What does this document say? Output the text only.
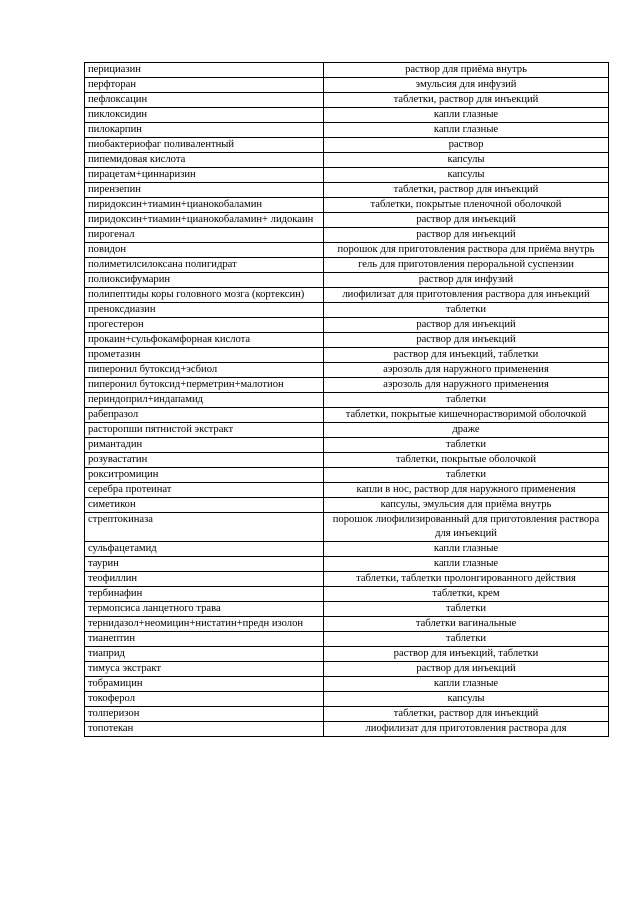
перициазин	раствор для приёма внутрь
перфторан	эмульсия для инфузий
пефлоксацин	таблетки, раствор для инъекций
пиклоксидин	капли глазные
пилокарпин	капли глазные
пиобактериофаг поливалентный	раствор
пипемидовая кислота	капсулы
пирацетам+циннаризин	капсулы
пирензепин	таблетки, раствор для инъекций
пиридоксин+тиамин+цианокобаламин	таблетки, покрытые пленочной оболочкой
пиридоксин+тиамин+цианокобаламин+ лидокаин	раствор для инъекций
пирогенал	раствор для инъекций
повидон	порошок для приготовления раствора для приёма внутрь
полиметилсилоксана полигидрат	гель для приготовления пероральной суспензии
полиоксифумарин	раствор для инфузий
полипептиды коры головного мозга (кортексин)	лиофилизат для приготовления раствора для инъекций
преноксдиазин	таблетки
прогестерон	раствор для инъекций
прокаин+сульфокамфорная кислота	раствор для инъекций
прометазин	раствор для инъекций, таблетки
пиперонил бутоксид+эсбиол	аэрозоль для наружного применения
пиперонил бутоксид+перметрин+малотион	аэрозоль для наружного применения
периндоприл+индапамид	таблетки
рабепразол	таблетки, покрытые кишечнорастворимой оболочкой
расторопши пятнистой экстракт	драже
римантадин	таблетки
розувастатин	таблетки, покрытые оболочкой
рокситромицин	таблетки
серебра протеинат	капли в нос, раствор для наружного применения
симетикон	капсулы, эмульсия для приёма внутрь
стрептокиназа	порошок лиофилизированный для приготовления раствора для инъекций
сульфацетамид	капли глазные
таурин	капли глазные
теофиллин	таблетки, таблетки пролонгированного действия
тербинафин	таблетки, крем
термопсиса ланцетного трава	таблетки
тернидазол+неомицин+нистатин+предн изолон	таблетки вагинальные
тианептин	таблетки
тиаприд	раствор для инъекций, таблетки
тимуса экстракт	раствор для инъекций
тобрамицин	капли глазные
токоферол	капсулы
толперизон	таблетки, раствор для инъекций
топотекан	лиофилизат для приготовления раствора для
